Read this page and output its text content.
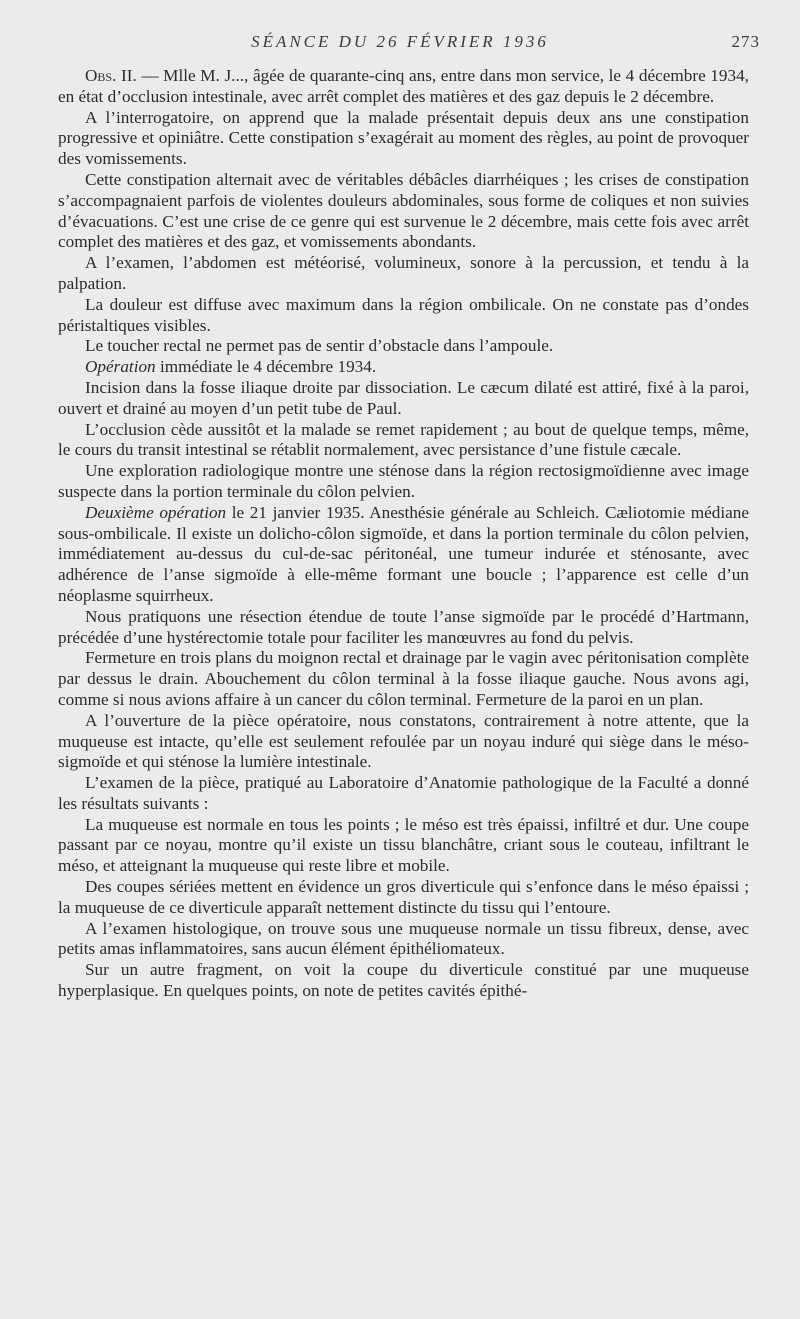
SÉANCE DU 26 FÉVRIER 1936	273

Obs. II. — Mlle M. J..., âgée de quarante-cinq ans, entre dans mon service, le 4 décembre 1934, en état d’occlusion intestinale, avec arrêt complet des matières et des gaz depuis le 2 décembre.

A l’interrogatoire, on apprend que la malade présentait depuis deux ans une constipation progressive et opiniâtre. Cette constipation s’exagérait au moment des règles, au point de provoquer des vomissements.

Cette constipation alternait avec de véritables débâcles diarrhéiques ; les crises de constipation s’accompagnaient parfois de violentes douleurs abdominales, sous forme de coliques et non suivies d’évacuations. C’est une crise de ce genre qui est survenue le 2 décembre, mais cette fois avec arrêt complet des matières et des gaz, et vomissements abondants.

A l’examen, l’abdomen est météorisé, volumineux, sonore à la percussion, et tendu à la palpation.

La douleur est diffuse avec maximum dans la région ombilicale. On ne constate pas d’ondes péristaltiques visibles.

Le toucher rectal ne permet pas de sentir d’obstacle dans l’ampoule.

Opération immédiate le 4 décembre 1934.

Incision dans la fosse iliaque droite par dissociation. Le cæcum dilaté est attiré, fixé à la paroi, ouvert et drainé au moyen d’un petit tube de Paul.

L’occlusion cède aussitôt et la malade se remet rapidement ; au bout de quelque temps, même, le cours du transit intestinal se rétablit normalement, avec persistance d’une fistule cæcale.

Une exploration radiologique montre une sténose dans la région rectosigmoïdienne avec image suspecte dans la portion terminale du côlon pelvien.

Deuxième opération le 21 janvier 1935. Anesthésie générale au Schleich. Cæliotomie médiane sous-ombilicale. Il existe un dolicho-côlon sigmoïde, et dans la portion terminale du côlon pelvien, immédiatement au-dessus du cul-de-sac péritonéal, une tumeur indurée et sténosante, avec adhérence de l’anse sigmoïde à elle-même formant une boucle ; l’apparence est celle d’un néoplasme squirrheux.

Nous pratiquons une résection étendue de toute l’anse sigmoïde par le procédé d’Hartmann, précédée d’une hystérectomie totale pour faciliter les manœuvres au fond du pelvis.

Fermeture en trois plans du moignon rectal et drainage par le vagin avec péritonisation complète par dessus le drain. Abouchement du côlon terminal à la fosse iliaque gauche. Nous avons agi, comme si nous avions affaire à un cancer du côlon terminal. Fermeture de la paroi en un plan.

A l’ouverture de la pièce opératoire, nous constatons, contrairement à notre attente, que la muqueuse est intacte, qu’elle est seulement refoulée par un noyau induré qui siège dans le méso-sigmoïde et qui sténose la lumière intestinale.

L’examen de la pièce, pratiqué au Laboratoire d’Anatomie pathologique de la Faculté a donné les résultats suivants :

La muqueuse est normale en tous les points ; le méso est très épaissi, infiltré et dur. Une coupe passant par ce noyau, montre qu’il existe un tissu blanchâtre, criant sous le couteau, infiltrant le méso, et atteignant la muqueuse qui reste libre et mobile.

Des coupes sériées mettent en évidence un gros diverticule qui s’enfonce dans le méso épaissi ; la muqueuse de ce diverticule apparaît nettement distincte du tissu qui l’entoure.

A l’examen histologique, on trouve sous une muqueuse normale un tissu fibreux, dense, avec petits amas inflammatoires, sans aucun élément épithéliomateux.

Sur un autre fragment, on voit la coupe du diverticule constitué par une muqueuse hyperplasique. En quelques points, on note de petites cavités épithé-
